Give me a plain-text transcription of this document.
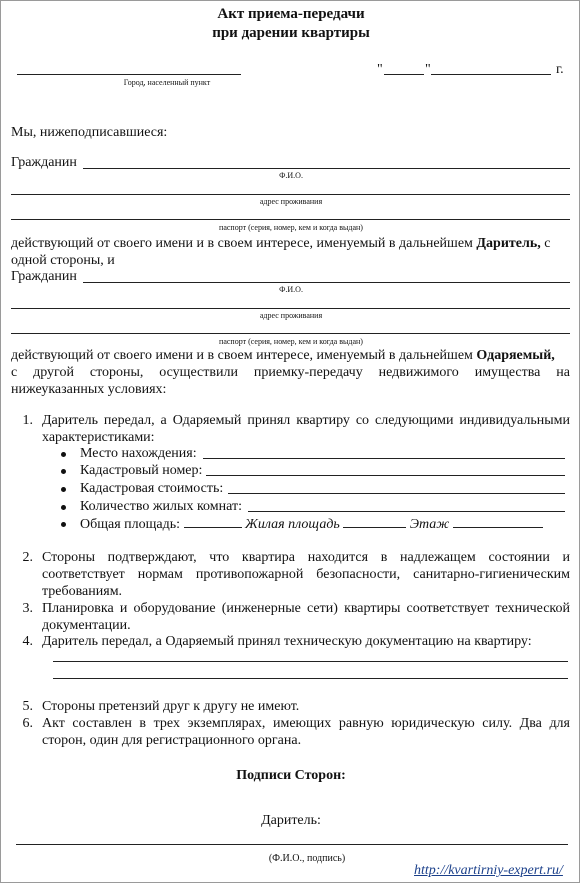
Акт приема-передачи
при дарении квартиры
Город, населенный пункт
"	"	г.
Мы, нижеподписавшиеся:
Гражданин
Ф.И.О.
адрес проживания
паспорт (серия, номер, кем и когда выдан)
действующий от своего имени и в своем интересе, именуемый в дальнейшем Даритель, с
одной стороны, и
Гражданин
Ф.И.О.
адрес проживания
паспорт (серия, номер, кем и когда выдан)
действующий от своего имени и в своем интересе, именуемый в дальнейшем Одаряемый,
с другой стороны, осуществили приемку-передачу недвижимого имущества на
нижеуказанных условиях:
1. Даритель передал, а Одаряемый принял квартиру со следующими индивидуальными характеристиками:
Место нахождения:
Кадастровый номер:
Кадастровая стоимость:
Количество жилых комнат:
Общая площадь:	Жилая площадь	Этаж
2. Стороны подтверждают, что квартира находится в надлежащем состоянии и соответствует нормам противопожарной безопасности, санитарно-гигиеническим требованиям.
3. Планировка и оборудование (инженерные сети) квартиры соответствует технической документации.
4. Даритель передал, а Одаряемый принял техническую документацию на квартиру:
5. Стороны претензий друг к другу не имеют.
6. Акт составлен в трех экземплярах, имеющих равную юридическую силу. Два для сторон, один для регистрационного органа.
Подписи Сторон:
Даритель:
(Ф.И.О., подпись)
http://kvartirniy-expert.ru/
